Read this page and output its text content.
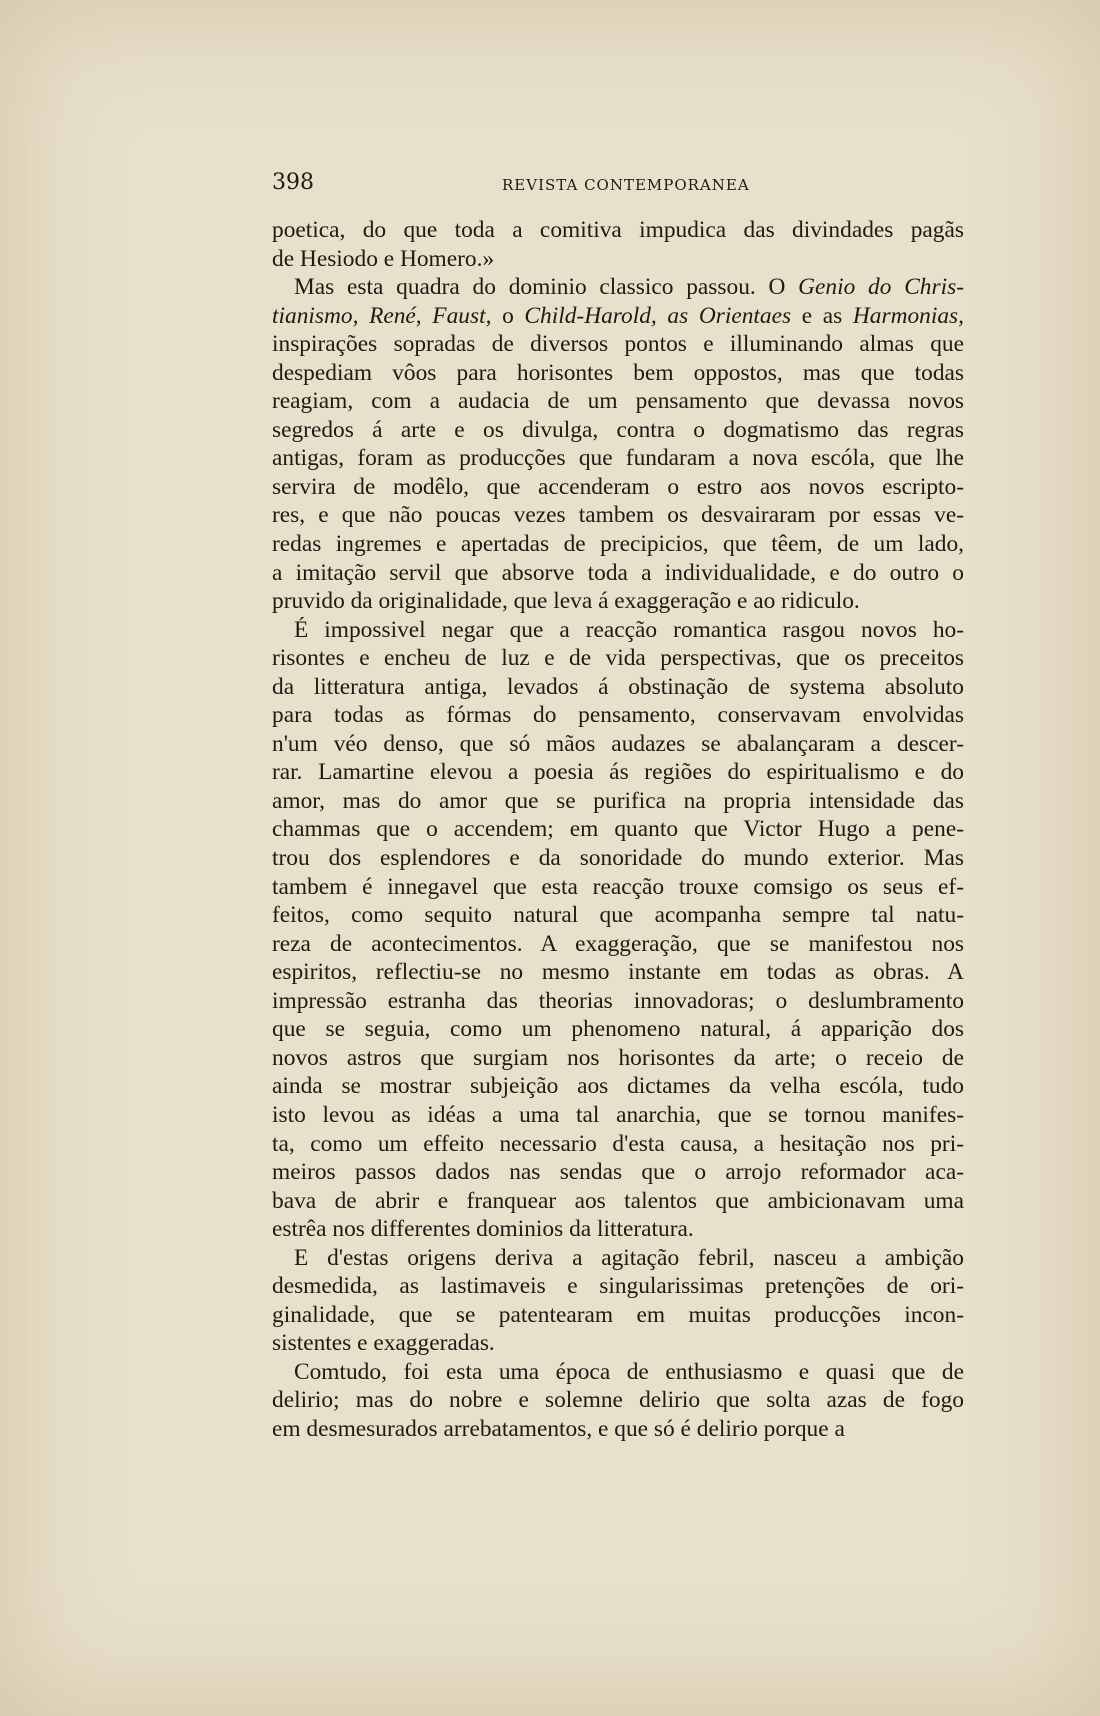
398	REVISTA CONTEMPORANEA
poetica, do que toda a comitiva impudica das divindades pagãs
de Hesiodo e Homero.»
Mas esta quadra do dominio classico passou. O Genio do Chris-
tianismo, René, Faust, o Child-Harold, as Orientaes e as Harmonias,
inspirações sopradas de diversos pontos e illuminando almas que
despediam vôos para horisontes bem oppostos, mas que todas
reagiam, com a audacia de um pensamento que devassa novos
segredos á arte e os divulga, contra o dogmatismo das regras
antigas, foram as producções que fundaram a nova escóla, que lhe
servira de modêlo, que accenderam o estro aos novos escripto-
res, e que não poucas vezes tambem os desvairaram por essas ve-
redas ingremes e apertadas de precipicios, que têem, de um lado,
a imitação servil que absorve toda a individualidade, e do outro o
pruvido da originalidade, que leva á exaggeração e ao ridiculo.
É impossivel negar que a reacção romantica rasgou novos ho-
risontes e encheu de luz e de vida perspectivas, que os preceitos
da litteratura antiga, levados á obstinação de systema absoluto
para todas as fórmas do pensamento, conservavam envolvidas
n'um véo denso, que só mãos audazes se abalançaram a descer-
rar. Lamartine elevou a poesia ás regiões do espiritualismo e do
amor, mas do amor que se purifica na propria intensidade das
chammas que o accendem; em quanto que Victor Hugo a pene-
trou dos esplendores e da sonoridade do mundo exterior. Mas
tambem é innegavel que esta reacção trouxe comsigo os seus ef-
feitos, como sequito natural que acompanha sempre tal natu-
reza de acontecimentos. A exaggeração, que se manifestou nos
espiritos, reflectiu-se no mesmo instante em todas as obras. A
impressão estranha das theorias innovadoras; o deslumbramento
que se seguia, como um phenomeno natural, á apparição dos
novos astros que surgiam nos horisontes da arte; o receio de
ainda se mostrar subjeição aos dictames da velha escóla, tudo
isto levou as idéas a uma tal anarchia, que se tornou manifes-
ta, como um effeito necessario d'esta causa, a hesitação nos pri-
meiros passos dados nas sendas que o arrojo reformador aca-
bava de abrir e franquear aos talentos que ambicionavam uma
estrêa nos differentes dominios da litteratura.
E d'estas origens deriva a agitação febril, nasceu a ambição
desmedida, as lastimaveis e singularissimas pretenções de ori-
ginalidade, que se patentearam em muitas producções incon-
sistentes e exaggeradas.
Comtudo, foi esta uma época de enthusiasmo e quasi que de
delirio; mas do nobre e solemne delirio que solta azas de fogo
em desmesurados arrebatamentos, e que só é delirio porque a
